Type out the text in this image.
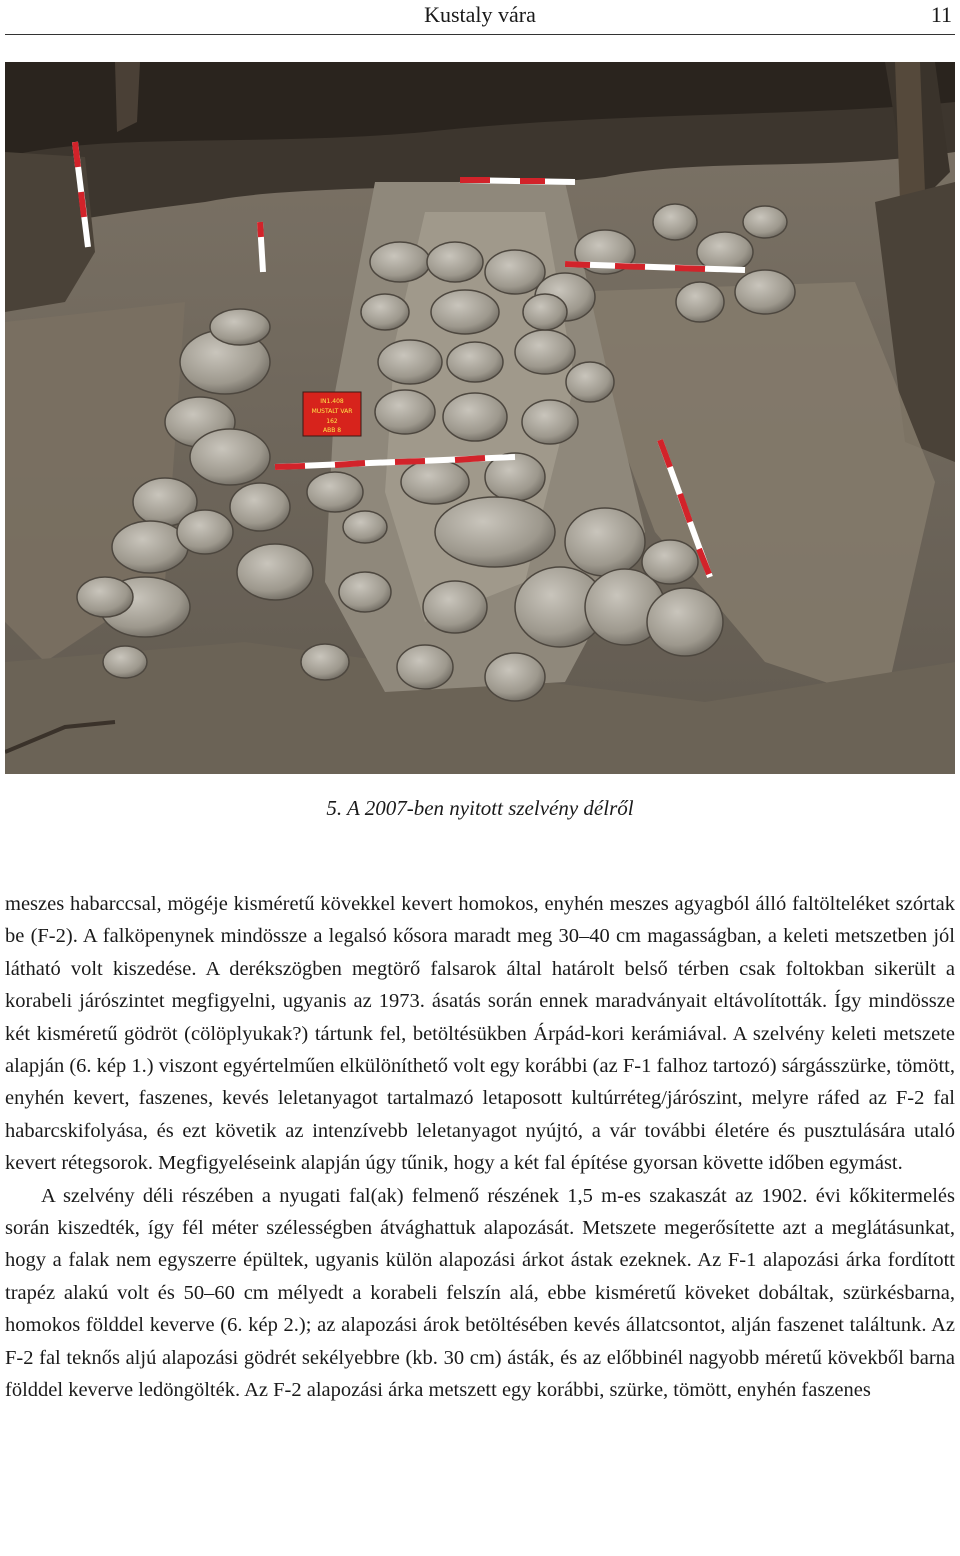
Kustaly vára	11
IN1.408
MUSTALT VAR
162
ABB 8
5. A 2007-ben nyitott szelvény délről

meszes habarccsal, mögéje kisméretű kövekkel kevert homokos, enyhén meszes agyagból álló faltölteléket szórtak be (F-2). A falköpenynek mindössze a legalsó kősora maradt meg 30–40 cm magasságban, a keleti metszetben jól látható volt kiszedése. A derékszögben megtörő falsarok által határolt belső térben csak foltokban sikerült a korabeli járószintet megfigyelni, ugyanis az 1973. ásatás során ennek maradványait eltávolították. Így mindössze két kisméretű gödröt (cölöplyukak?) tártunk fel, betöltésükben Árpád-kori kerámiával. A szelvény keleti metszete alapján (6. kép 1.) viszont egyértelműen elkülöníthető volt egy korábbi (az F-1 falhoz tartozó) sárgásszürke, tömött, enyhén kevert, faszenes, kevés leletanyagot tartalmazó letaposott kultúrréteg/járószint, melyre ráfed az F-2 fal habarcskifolyása, és ezt követik az intenzívebb leletanyagot nyújtó, a vár további életére és pusztulására utaló kevert rétegsorok. Megfigyeléseink alapján úgy tűnik, hogy a két fal építése gyorsan követte időben egymást.

A szelvény déli részében a nyugati fal(ak) felmenő részének 1,5 m-es szakaszát az 1902. évi kőkitermelés során kiszedték, így fél méter szélességben átvághattuk alapozását. Metszete megerősítette azt a meglátásunkat, hogy a falak nem egyszerre épültek, ugyanis külön alapozási árkot ástak ezeknek. Az F-1 alapozási árka fordított trapéz alakú volt és 50–60 cm mélyedt a korabeli felszín alá, ebbe kisméretű köveket dobáltak, szürkésbarna, homokos földdel keverve (6. kép 2.); az alapozási árok betöltésében kevés állatcsontot, alján faszenet találtunk. Az F-2 fal teknős aljú alapozási gödrét sekélyebbre (kb. 30 cm) ásták, és az előbbinél nagyobb méretű kövekből barna földdel keverve ledöngölték. Az F-2 alapozási árka metszett egy korábbi, szürke, tömött, enyhén faszenes
